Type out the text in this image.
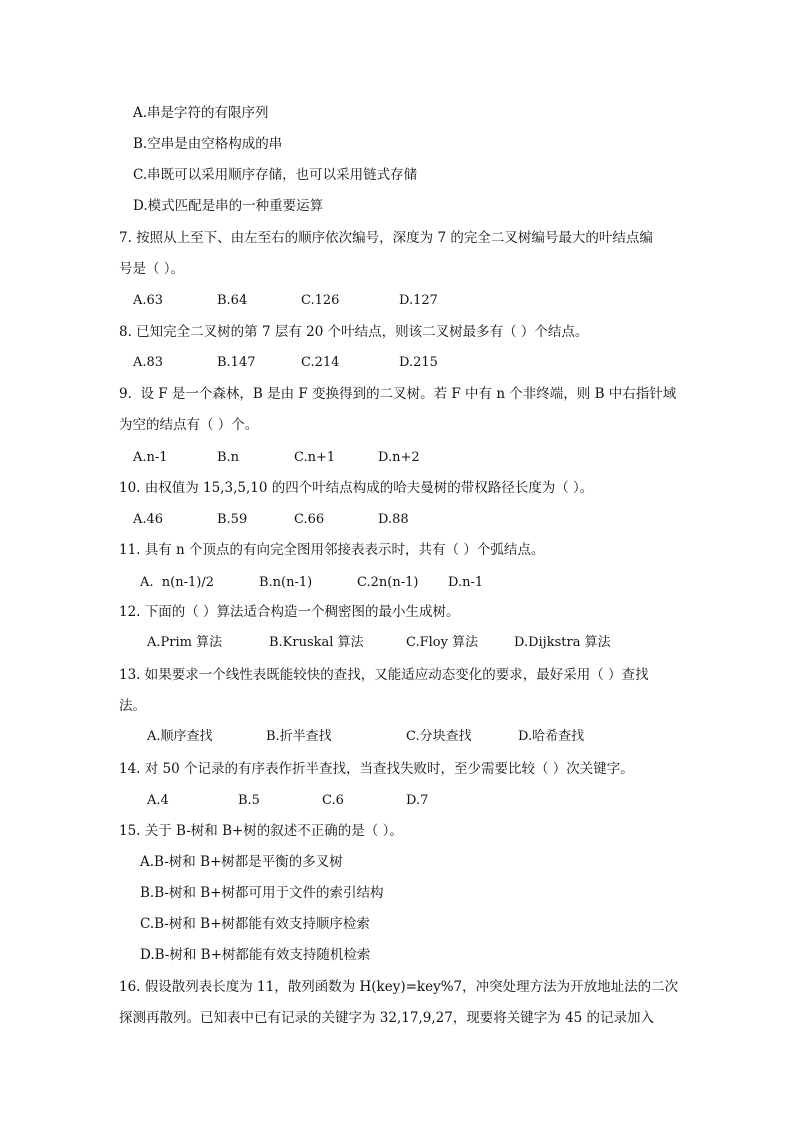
A.串是字符的有限序列
B.空串是由空格构成的串
C.串既可以采用顺序存储，也可以采用链式存储
D.模式匹配是串的一种重要运算
7. 按照从上至下、由左至右的顺序依次编号，深度为 7 的完全二叉树编号最大的叶结点编
号是（ ）。
A.63	B.64	C.126	D.127
8. 已知完全二叉树的第 7 层有 20 个叶结点，则该二叉树最多有（ ）个结点。
A.83	B.147	C.214	D.215
9.  设 F 是一个森林，B 是由 F 变换得到的二叉树。若 F 中有 n 个非终端，则 B 中右指针域
为空的结点有（ ）个。
A.n-1	B.n	C.n+1	D.n+2
10. 由权值为 15,3,5,10 的四个叶结点构成的哈夫曼树的带权路径长度为（ ）。
A.46	B.59	C.66	D.88
11. 具有 n 个顶点的有向完全图用邻接表表示时，共有（ ）个弧结点。
A.  n(n-1)/2	B.n(n-1)	C.2n(n-1) D.n-1
12. 下面的（ ）算法适合构造一个稠密图的最小生成树。
A.Prim 算法	B.Kruskal 算法	C.Floy 算法	D.Dijkstra 算法
13. 如果要求一个线性表既能较快的查找，又能适应动态变化的要求，最好采用（ ）查找
法。
A.顺序查找	B.折半查找	C.分块查找	D.哈希查找
14. 对 50 个记录的有序表作折半查找，当查找失败时，至少需要比较（ ）次关键字。
A.4	B.5	C.6	D.7
15. 关于 B-树和 B+树的叙述不正确的是（ ）。
A.B-树和 B+树都是平衡的多叉树
B.B-树和 B+树都可用于文件的索引结构
C.B-树和 B+树都能有效支持顺序检索
D.B-树和 B+树都能有效支持随机检索
16. 假设散列表长度为 11，散列函数为 H(key)=key%7，冲突处理方法为开放地址法的二次
探测再散列。已知表中已有记录的关键字为 32,17,9,27，现要将关键字为 45 的记录加入
